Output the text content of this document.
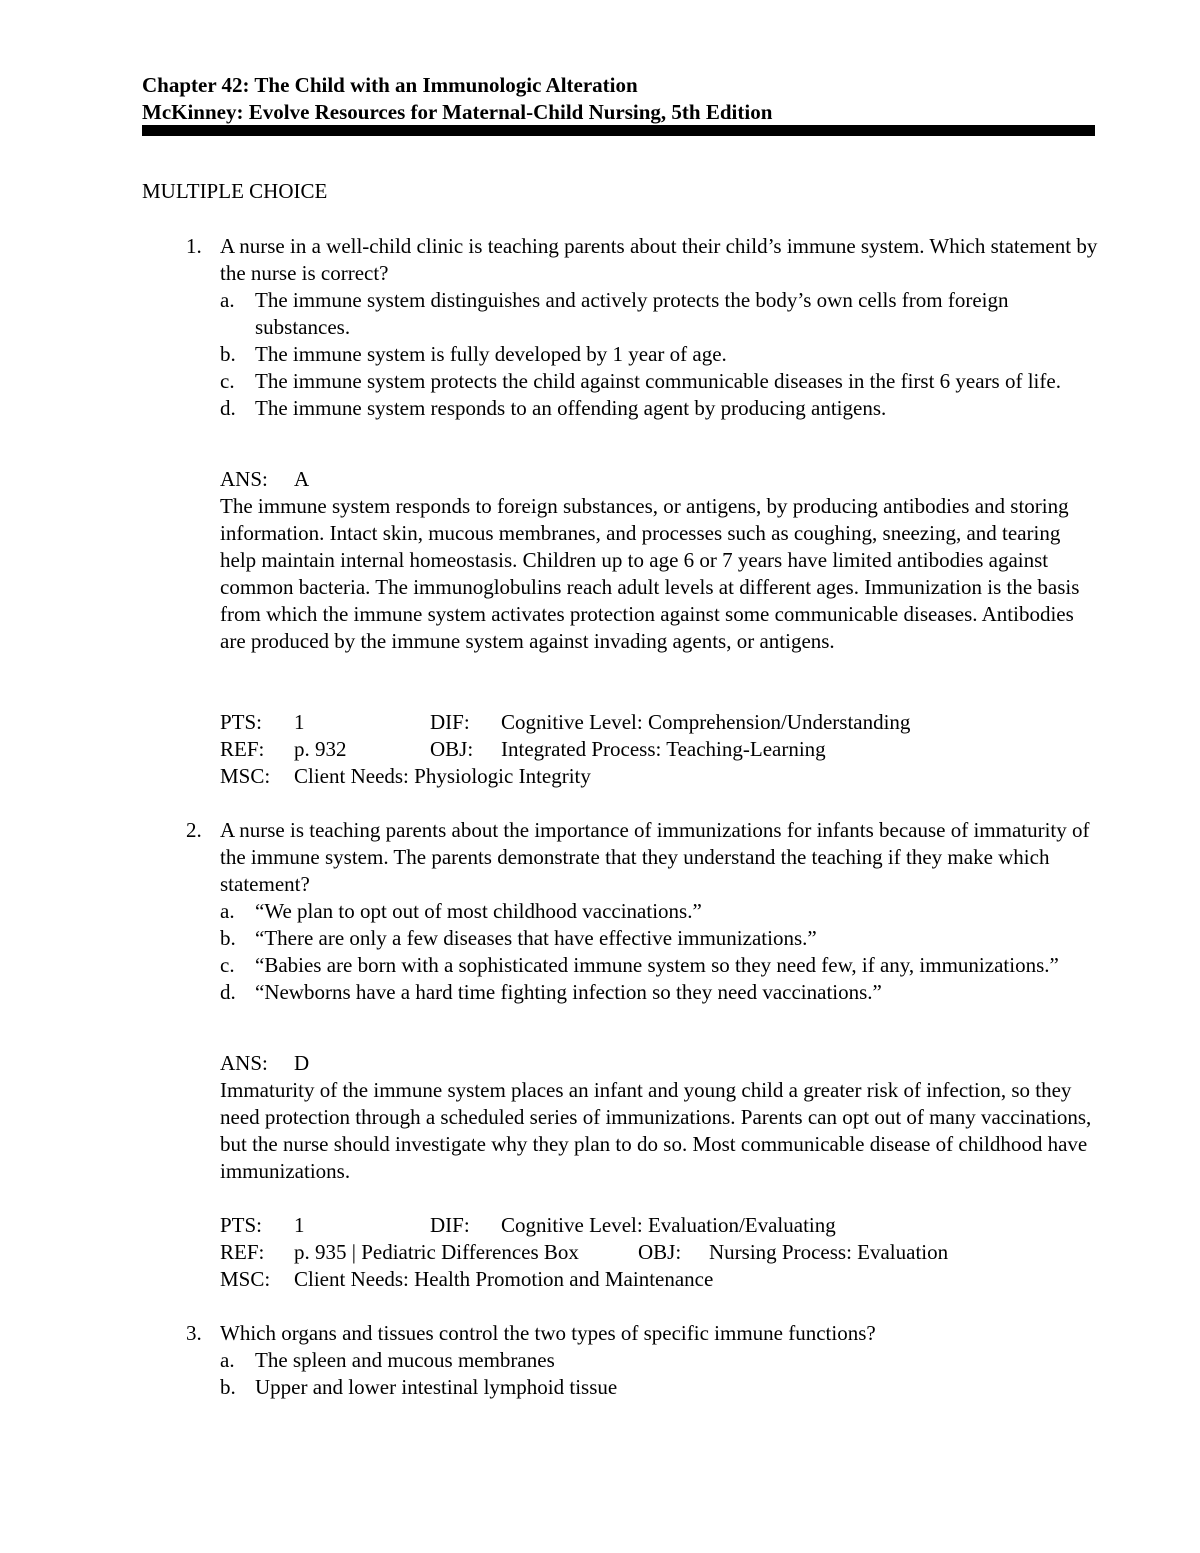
Chapter 42: The Child with an Immunologic Alteration
McKinney: Evolve Resources for Maternal-Child Nursing, 5th Edition
MULTIPLE CHOICE
1. A nurse in a well-child clinic is teaching parents about their child’s immune system. Which statement by the nurse is correct?
a. The immune system distinguishes and actively protects the body’s own cells from foreign substances.
b. The immune system is fully developed by 1 year of age.
c. The immune system protects the child against communicable diseases in the first 6 years of life.
d. The immune system responds to an offending agent by producing antigens.
ANS: A
The immune system responds to foreign substances, or antigens, by producing antibodies and storing information. Intact skin, mucous membranes, and processes such as coughing, sneezing, and tearing help maintain internal homeostasis. Children up to age 6 or 7 years have limited antibodies against common bacteria. The immunoglobulins reach adult levels at different ages. Immunization is the basis from which the immune system activates protection against some communicable diseases. Antibodies are produced by the immune system against invading agents, or antigens.
PTS: 1	DIF: Cognitive Level: Comprehension/Understanding
REF: p. 932	OBJ: Integrated Process: Teaching-Learning
MSC: Client Needs: Physiologic Integrity
2. A nurse is teaching parents about the importance of immunizations for infants because of immaturity of the immune system. The parents demonstrate that they understand the teaching if they make which statement?
a. “We plan to opt out of most childhood vaccinations.”
b. “There are only a few diseases that have effective immunizations.”
c. “Babies are born with a sophisticated immune system so they need few, if any, immunizations.”
d. “Newborns have a hard time fighting infection so they need vaccinations.”
ANS: D
Immaturity of the immune system places an infant and young child a greater risk of infection, so they need protection through a scheduled series of immunizations. Parents can opt out of many vaccinations, but the nurse should investigate why they plan to do so. Most communicable disease of childhood have immunizations.
PTS: 1	DIF: Cognitive Level: Evaluation/Evaluating
REF: p. 935 | Pediatric Differences Box	OBJ: Nursing Process: Evaluation
MSC: Client Needs: Health Promotion and Maintenance
3. Which organs and tissues control the two types of specific immune functions?
a. The spleen and mucous membranes
b. Upper and lower intestinal lymphoid tissue
